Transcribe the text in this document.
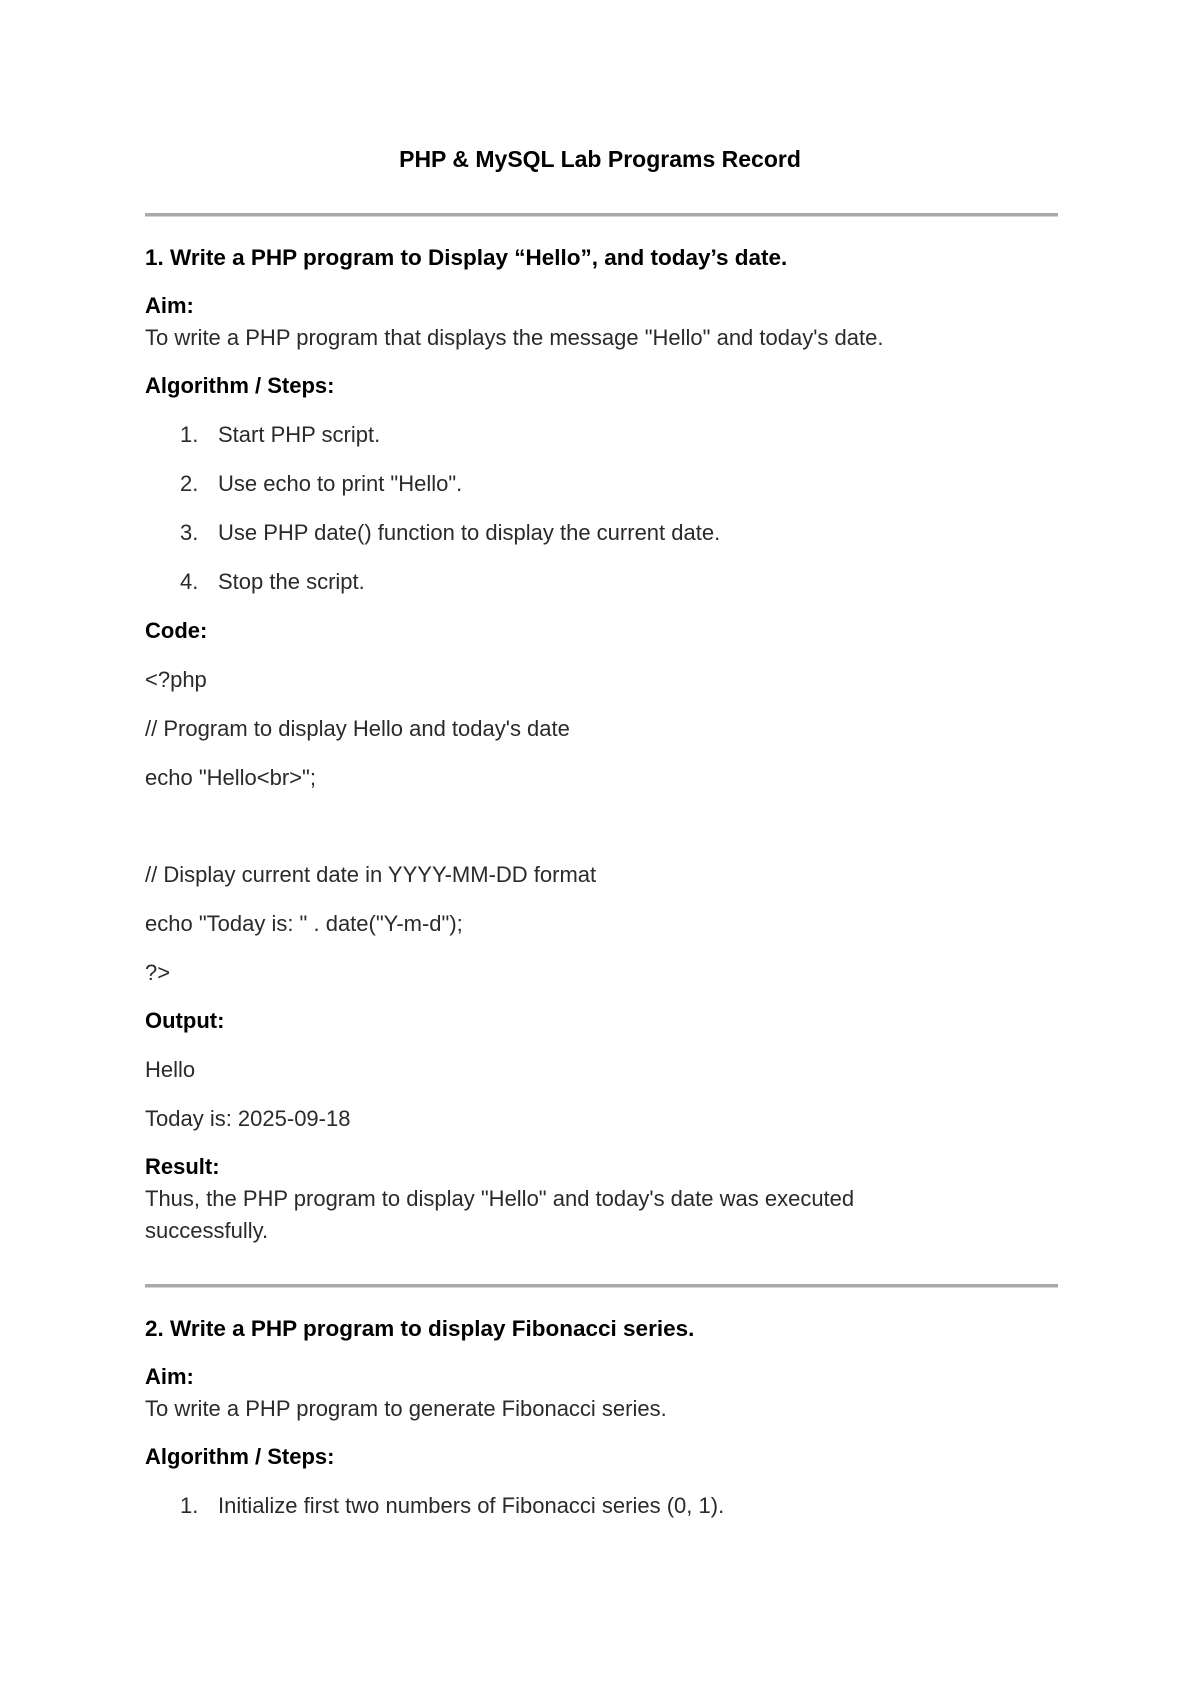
PHP & MySQL Lab Programs Record
1. Write a PHP program to Display “Hello”, and today’s date.
Aim:
To write a PHP program that displays the message "Hello" and today's date.
Algorithm / Steps:
1. Start PHP script.
2. Use echo to print "Hello".
3. Use PHP date() function to display the current date.
4. Stop the script.
Code:
<?php
// Program to display Hello and today's date
echo "Hello<br>";
// Display current date in YYYY-MM-DD format
echo "Today is: " . date("Y-m-d");
?>
Output:
Hello
Today is: 2025-09-18
Result:
Thus, the PHP program to display "Hello" and today's date was executed
successfully.
2. Write a PHP program to display Fibonacci series.
Aim:
To write a PHP program to generate Fibonacci series.
Algorithm / Steps:
1. Initialize first two numbers of Fibonacci series (0, 1).
